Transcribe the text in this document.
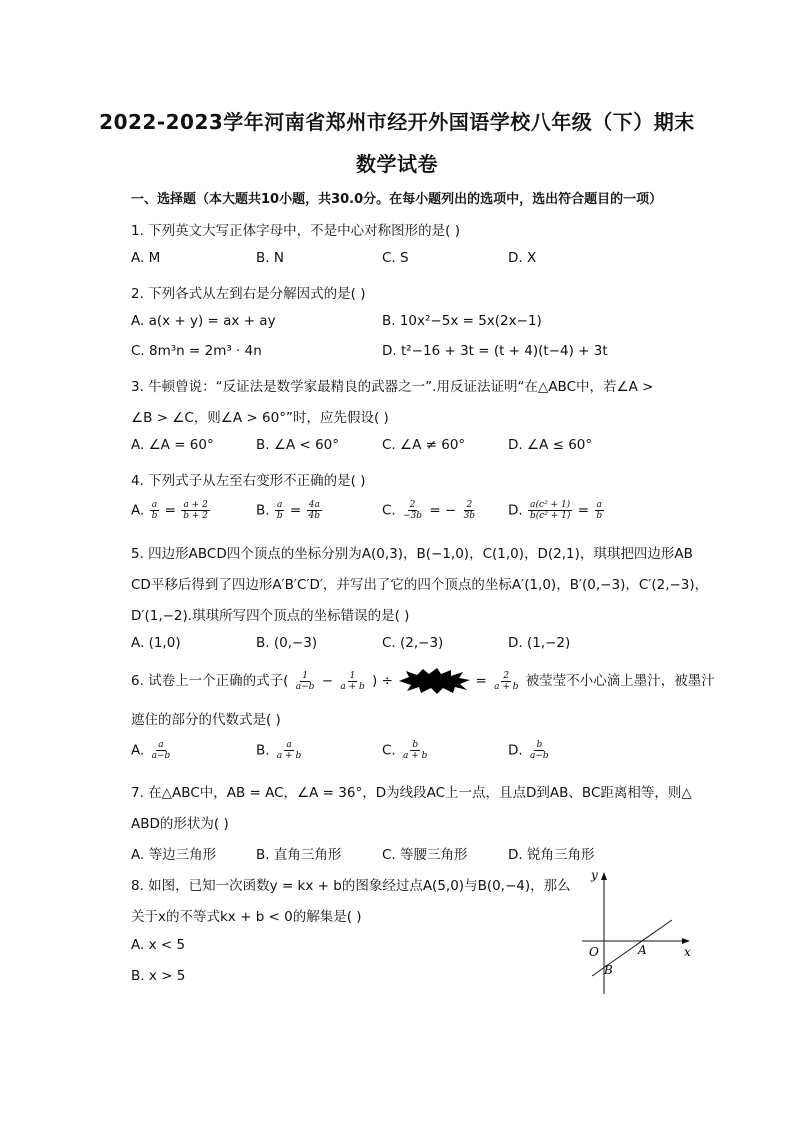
2022-2023学年河南省郑州市经开外国语学校八年级（下）期末
数学试卷
一、选择题（本大题共10小题，共30.0分。在每小题列出的选项中，选出符合题目的一项）
1. 下列英文大写正体字母中，不是中心对称图形的是( )
A. M	B. N	C. S	D. X
2. 下列各式从左到右是分解因式的是( )
A. a(x + y) = ax + ay	B. 10x²−5x = 5x(2x−1)
C. 8m³n = 2m³ · 4n	D. t²−16 + 3t = (t + 4)(t−4) + 3t
3. 牛顿曾说：“反证法是数学家最精良的武器之一”.用反证法证明“在△ABC中，若∠A >
∠B > ∠C，则∠A > 60°”时，应先假设( )
A. ∠A = 60°	B. ∠A < 60°	C. ∠A ≠ 60°	D. ∠A ≤ 60°
4. 下列式子从左至右变形不正确的是( )
A. $\frac{a}{b} = \frac{a + 2}{b + 2}$	B. $\frac{a}{b} = \frac{4a}{4b}$	C. $\frac{2}{-3b}$ = − $\frac{2}{3b} D$. $\frac{\text{a(c² + 1)}}{\text{b(c² + 1)}} = \frac{a}{b}$
5. 四边形ABCD四个顶点的坐标分别为A(0,3)，B(−1,0)，C(1,0)，D(2,1)，琪琪把四边形AB
CD平移后得到了四边形A′B′C′D′，并写出了它的四个顶点的坐标A′(1,0)，B′(0,−3)，C′(2,−3)，
D′(1,−2).琪琪所写四个顶点的坐标错误的是( )
A. (1,0)	B. (0,−3)	C. (2,−3)	D. (1,−2)
6. 试卷上一个正确的式子( $\frac{1}{a-b} - \frac{1}{a + b}$ ) ÷	= $\frac{2}{a + b}$ 被莹莹不小心滴上墨汁，被墨汁
遮住的部分的代数式是( )
A. $\frac{a}{a-b}$	B. $\frac{a}{a + b}$	C. $\frac{b}{a + b}$	D. $\frac{b}{a-b}$
7. 在△ABC中，AB = AC，∠A = 36°，D为线段AC上一点，且点D到AB、BC距离相等，则△
ABD的形状为( )
A. 等边三角形	B. 直角三角形	C. 等腰三角形	D. 锐角三角形
8. 如图，已知一次函数y = kx + b的图象经过点A(5,0)与B(0,−4)，那么
关于x的不等式kx + b < 0的解集是( )
A. x < 5
B. x > 5
y
x
O	A
B
